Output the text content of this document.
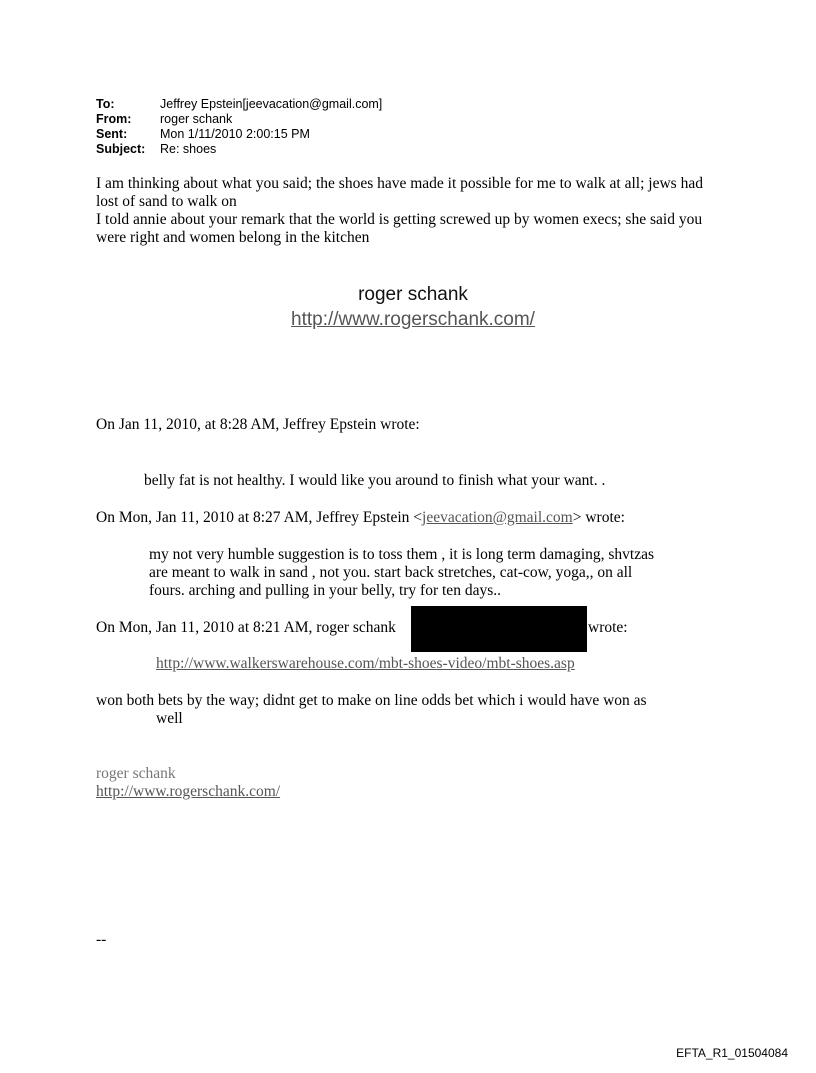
To:	Jeffrey Epstein[jeevacation@gmail.com]
From: roger schank
Sent:	Mon 1/11/2010 2:00:15 PM
Subject: Re: shoes
I am thinking about what you said; the shoes have made it possible for me to walk at all; jews had
lost of sand to walk on
I told annie about your remark that the world is getting screwed up by women execs; she said you
were right and women belong in the kitchen
roger schank
http://www.rogerschank.com/
On Jan 11, 2010, at 8:28 AM, Jeffrey Epstein wrote:
belly fat is not healthy. I would like you around to finish what your want. .
On Mon, Jan 11, 2010 at 8:27 AM, Jeffrey Epstein <jeevacation@gmail.com> wrote:
my not very humble suggestion is to toss them , it is long term damaging, shvtzas
are meant to walk in sand , not you. start back stretches, cat-cow, yoga,, on all
fours. arching and pulling in your belly, try for ten days..
On Mon, Jan 11, 2010 at 8:21 AM, roger schank	wrote:
http://www.walkerswarehouse.com/mbt-shoes-video/mbt-shoes.asp
won both bets by the way; didnt get to make on line odds bet which i would have won as
well
roger schank
http://www.rogerschank.com/
--
EFTA_R1_01504084
